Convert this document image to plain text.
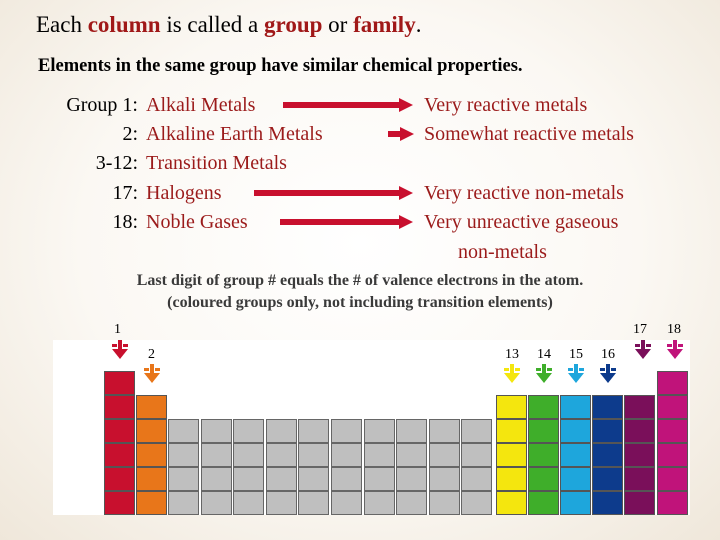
Each column is called a group or family.
Elements in the same group have similar chemical properties.
Group 1: Alkali Metals	Very reactive metals
2: Alkaline Earth Metals	Somewhat reactive metals
3-12: Transition Metals
17: Halogens	Very reactive non-metals
18: Noble Gases	Very unreactive gaseous
non-metals
Last digit of group # equals the # of valence electrons in the atom.
(coloured groups only, not including transition elements)
1	17 18
2	13 14 15 16
